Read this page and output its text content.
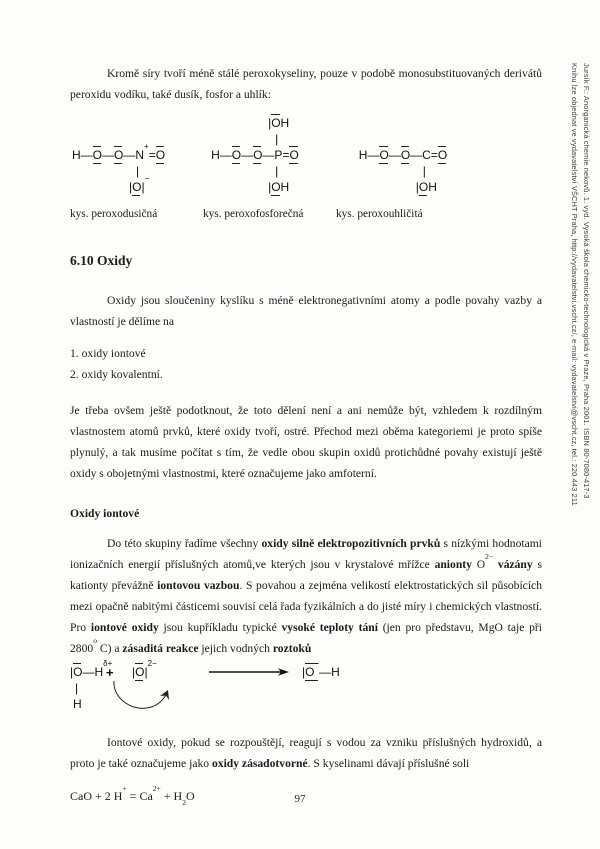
Kromě síry tvoří méně stálé peroxokyseliny, pouze v podobě monosubstituovaných derivátů peroxidu vodíku, také dusík, fosfor a uhlík:

H—O
—O
—N+=O
|
|O
|−
|O
H
|
H—O
—O
—P=O
|
|O
H
H—O
—O
—C=O
|
|O
H
kys. peroxodusičná	kys. peroxofosforečná	kys. peroxouhličitá
6.10 Oxidy

Oxidy jsou sloučeniny kyslíku s méně elektronegativními atomy a podle povahy vazby a vlastností je dělíme na

1. oxidy iontové
2. oxidy kovalentní.

Je třeba ovšem ještě podotknout, že toto dělení není a ani nemůže být, vzhledem k rozdílným vlastnostem atomů prvků, které oxidy tvoří, ostré. Přechod mezi oběma kategoriemi je proto spíše plynulý, a tak musíme počítat s tím, že vedle obou skupin oxidů protichůdné povahy existují ještě oxidy s obojetnými vlastnostmi, které označujeme jako amfoterní.

Oxidy iontové

Do této skupiny řadíme všechny oxidy silně elektropozitivních prvků s nízkými hodnotami ionizačních energií příslušných atomů,ve kterých jsou v krystalové mřížce anionty $O^{2-}$ vázány s kationty převážně iontovou vazbou. S povahou a zejména velikostí elektrostatických sil působících mezi opačně nabitými částicemi souvisí celá řada fyzikálních a do jisté míry i chemických vlastností. Pro iontové oxidy jsou kupříkladu typické vysoké teploty tání (jen pro představu, MgO taje při 2800$^o$ C) a zásaditá reakce jejich vodných roztoků

|O
$—H^{\delta+}$
|
H
+ |O
$|^{2-}$
|O
−—H

Iontové oxidy, pokud se rozpouštějí, reagují s vodou za vzniku příslušných hydroxidů, a proto je také označujeme jako oxidy zásadotvorné. S kyselinami dávají příslušné soli

CaO + 2 $H^+ = Ca^{2+} + H_2O$	97
Jursík F.: Anorganická chemie nekovů. 1. vyd. Vysoká škola chemicko-technologická v Praze, Praha 2001. ISBN 80-7080-417-3
Knihu lze objednat ve vydavatelství VŠCHT Praha, http://vydavatelstvi.vscht.cz/, e-mail: vydavatelstvi@vscht.cz, tel.: 220 443 211
